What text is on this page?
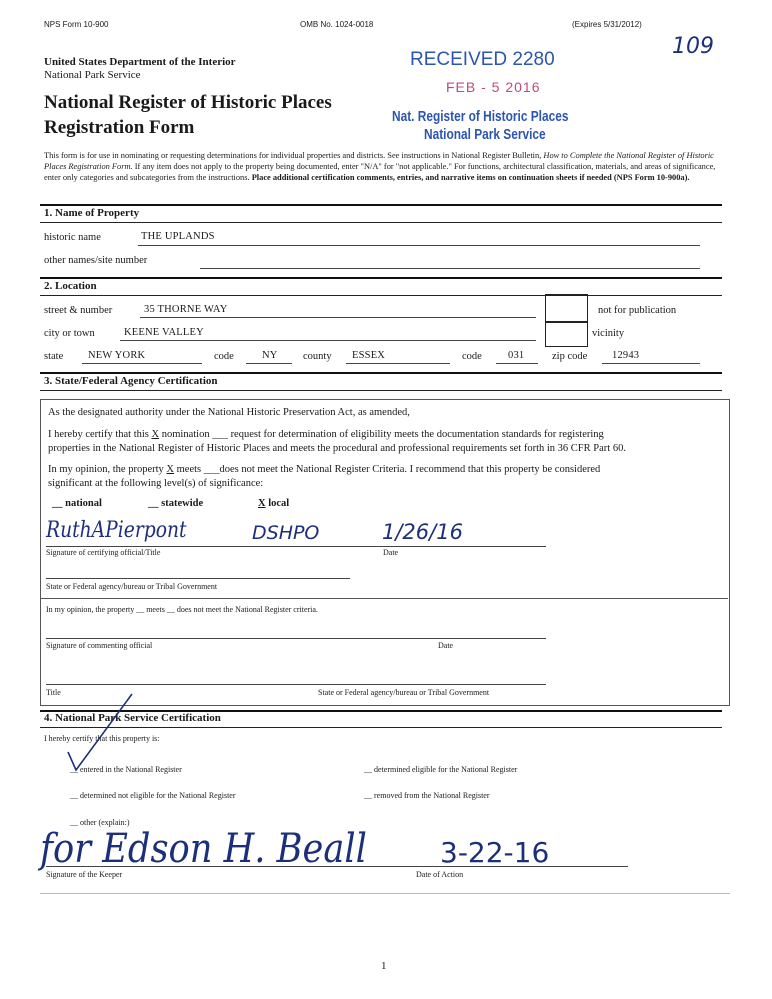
NPS Form 10-900	OMB No. 1024-0018	(Expires 5/31/2012)
109
United States Department of the Interior
National Park Service
National Register of Historic Places
Registration Form
RECEIVED 2280
FEB - 5 2016
Nat. Register of Historic Places
National Park Service
This form is for use in nominating or requesting determinations for individual properties and districts. See instructions in National Register Bulletin, How to Complete the National Register of Historic Places Registration Form. If any item does not apply to the property being documented, enter "N/A" for "not applicable." For functions, architectural classification, materials, and areas of significance, enter only categories and subcategories from the instructions. Place additional certification comments, entries, and narrative items on continuation sheets if needed (NPS Form 10-900a).
1. Name of Property
historic name	THE UPLANDS
other names/site number
2. Location
street & number	35 THORNE WAY	not for publication
city or town	KEENE VALLEY	vicinity
state NEW YORK	code	NY county ESSEX	code 031	zip code 12943
3. State/Federal Agency Certification
As the designated authority under the National Historic Preservation Act, as amended,
I hereby certify that this X nomination ___ request for determination of eligibility meets the documentation standards for registering
properties in the National Register of Historic Places and meets the procedural and professional requirements set forth in 36 CFR Part 60.
In my opinion, the property X meets ___does not meet the National Register Criteria. I recommend that this property be considered
significant at the following level(s) of significance:
__ national	__ statewide	X local
RuthAPierpont	DSHPO	1/26/16
Signature of certifying official/Title	Date
State or Federal agency/bureau or Tribal Government
In my opinion, the property __ meets __ does not meet the National Register criteria.
Signature of commenting official	Date
Title	State or Federal agency/bureau or Tribal Government
4. National Park Service Certification
I hereby certify that this property is:
__ entered in the National Register	__ determined eligible for the National Register
__ determined not eligible for the National Register	__ removed from the National Register
__ other (explain:)
for Edson H. Beall	3-22-16
Signature of the Keeper	Date of Action
1
